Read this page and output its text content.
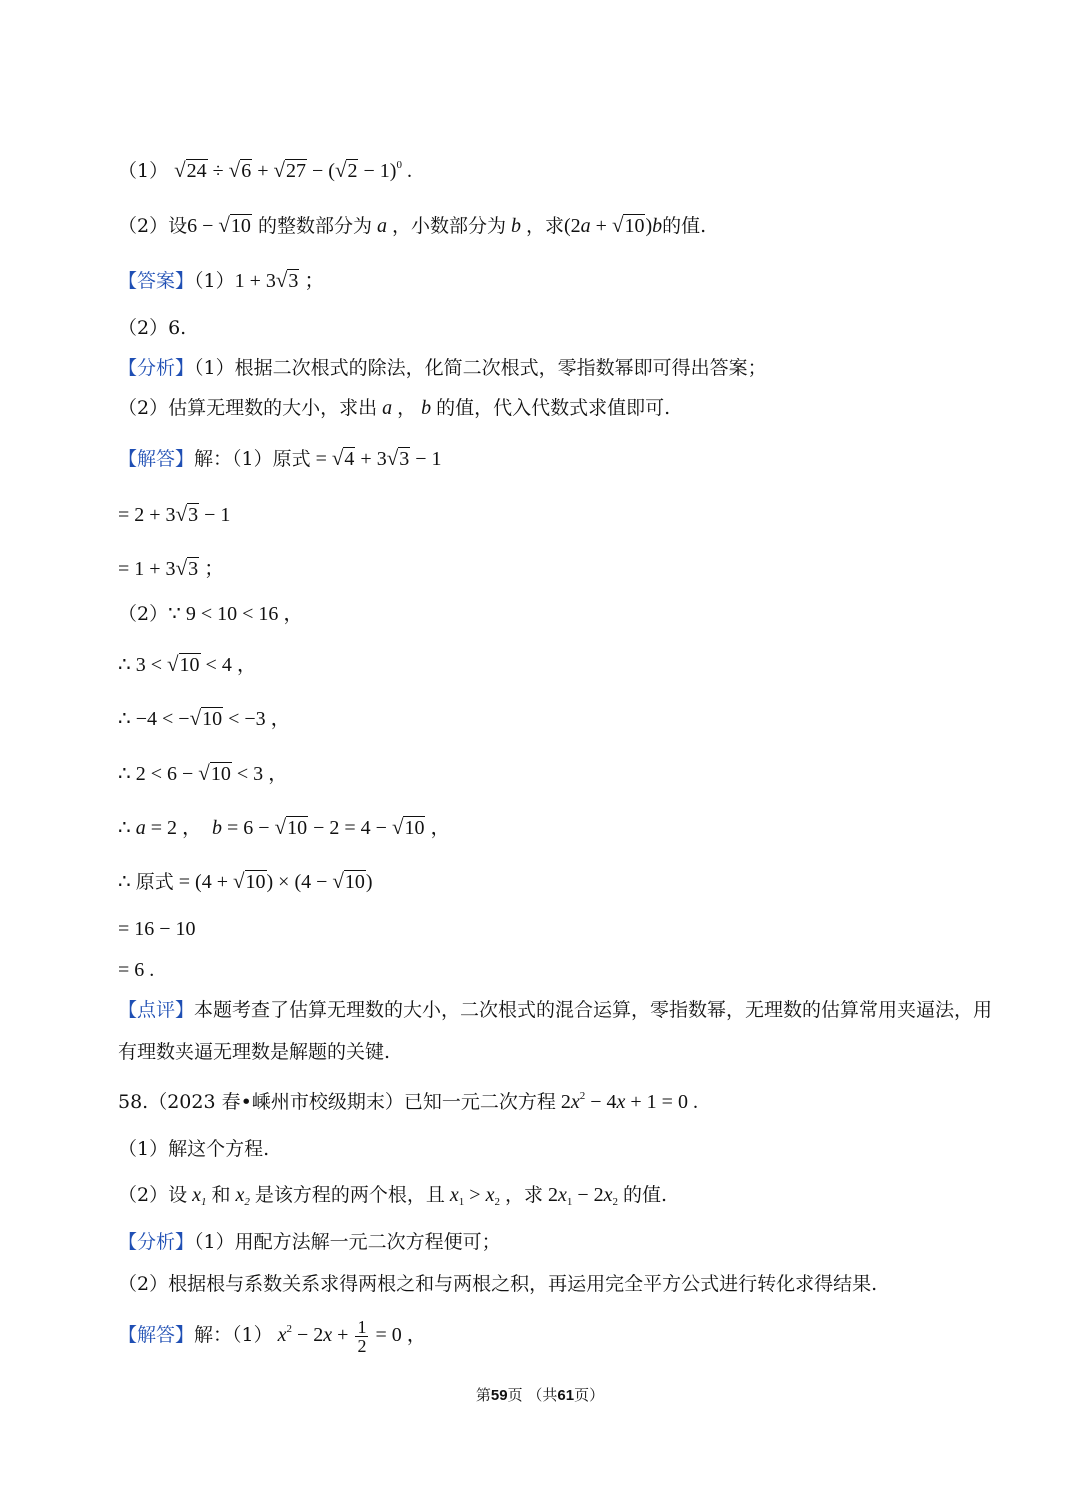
（1） $√24 \div √6 + √27 - (√2 - 1)^0$ .
（2）设6 − √10 的整数部分为 a ，小数部分为 b ，求(2a + √10)b的值.
【答案】（1）1 + 3√3 ；
（2）6.
【分析】（1）根据二次根式的除法，化简二次根式，零指数幂即可得出答案；
（2）估算无理数的大小，求出 a ， b 的值，代入代数式求值即可.
【解答】解：（1）原式 = √4 + 3√3 − 1
= 2 + 3√3 − 1
= 1 + 3√3 ；
（2）∵ 9 < 10 < 16 ，
∴ 3 < √10 < 4 ，
∴ −4 < −√10 < −3 ，
∴ 2 < 6 − √10 < 3 ，
∴ a = 2 ，  b = 6 − √10 − 2 = 4 − √10 ，
∴ 原式 = (4 + √10) × (4 − √10)
= 16 − 10
= 6 .
【点评】本题考查了估算无理数的大小，二次根式的混合运算，零指数幂，无理数的估算常用夹逼法，用
有理数夹逼无理数是解题的关键.
58.（2023 春•嵊州市校级期末）已知一元二次方程 $2x^2 - 4x + 1 = 0$ .
（1）解这个方程.
（2）设 $x_1$ 和 $x_2$ 是该方程的两个根，且 $x_1 > x_2$ ，求 $2x_1 - 2x_2$ 的值.
【分析】（1）用配方法解一元二次方程便可；
（2）根据根与系数关系求得两根之和与两根之积，再运用完全平方公式进行转化求得结果.
【解答】解：（1） $x^2 - 2x + \frac{1}{2} = 0$ ，
第59页 （共61页）
